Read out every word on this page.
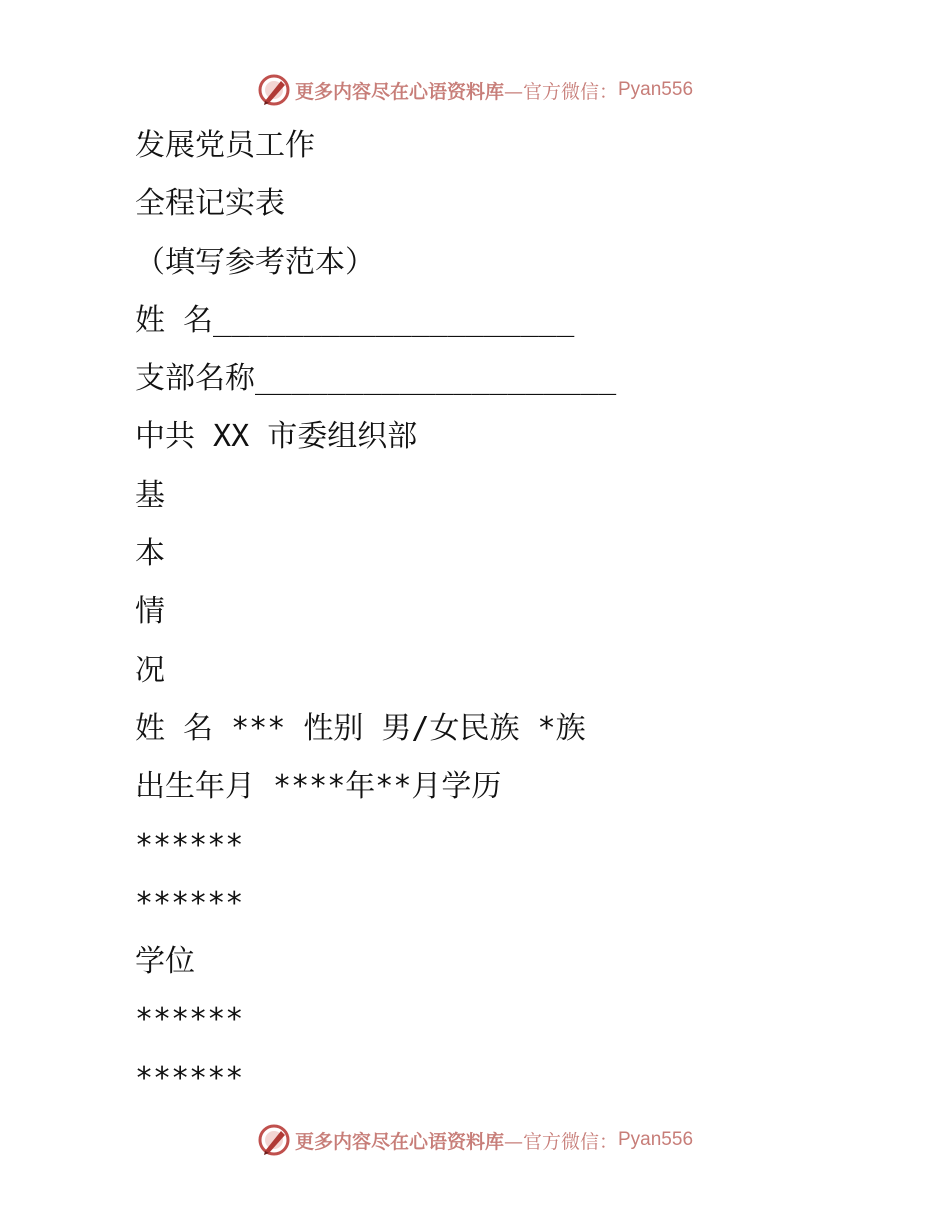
更多内容尽在心语资料库 —官方微信： Pyan556
发展党员工作
全程记实表
（填写参考范本）
姓 名____________________
支部名称____________________
中共 XX 市委组织部
基
本
情
况
姓 名 *** 性别 男/女民族 *族
出生年月 ****年**月学历
******
******
学位
******
******
更多内容尽在心语资料库 —官方微信： Pyan556
